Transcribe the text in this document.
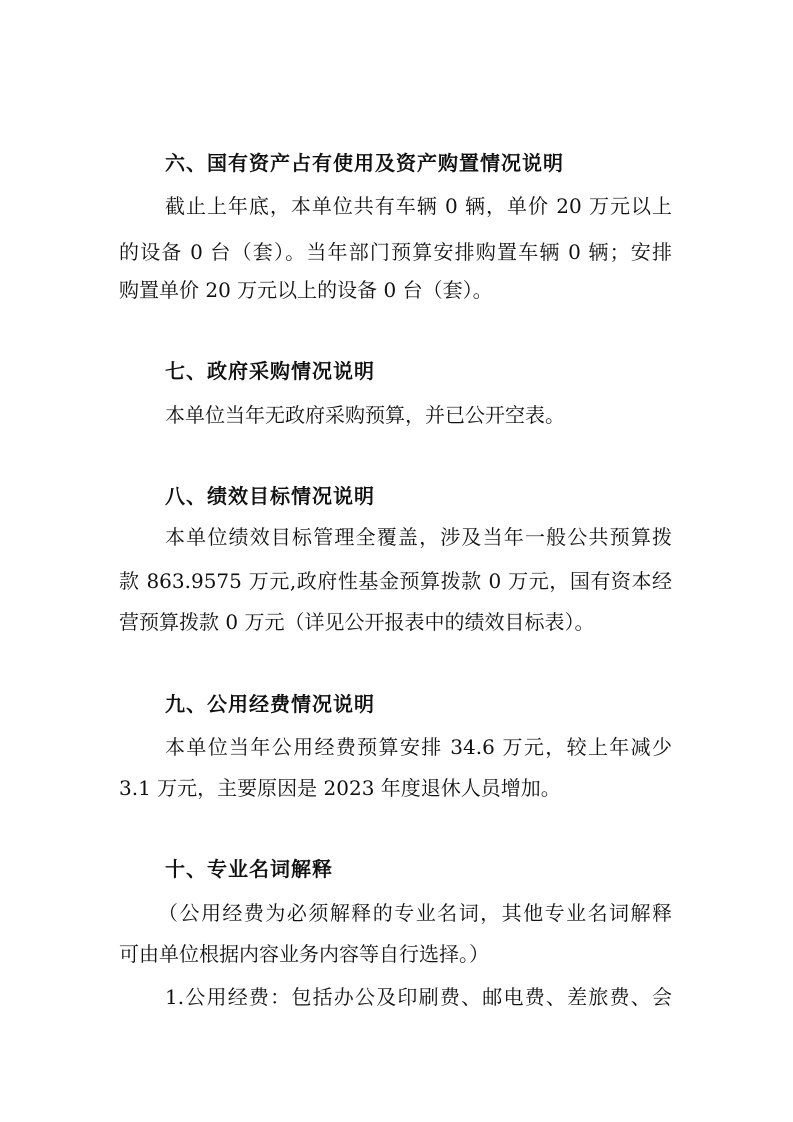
六、国有资产占有使用及资产购置情况说明
截止上年底，本单位共有车辆 0 辆，单价 20 万元以上
的设备 0 台（套）。当年部门预算安排购置车辆 0 辆；安排
购置单价 20 万元以上的设备 0 台（套）。
七、政府采购情况说明
本单位当年无政府采购预算，并已公开空表。
八、绩效目标情况说明
本单位绩效目标管理全覆盖，涉及当年一般公共预算拨
款 863.9575 万元,政府性基金预算拨款 0 万元，国有资本经
营预算拨款 0 万元（详见公开报表中的绩效目标表）。
九、公用经费情况说明
本单位当年公用经费预算安排 34.6 万元，较上年减少
3.1 万元，主要原因是 2023 年度退休人员增加。
十、专业名词解释
（公用经费为必须解释的专业名词，其他专业名词解释
可由单位根据内容业务内容等自行选择。）
1.公用经费：包括办公及印刷费、邮电费、差旅费、会
